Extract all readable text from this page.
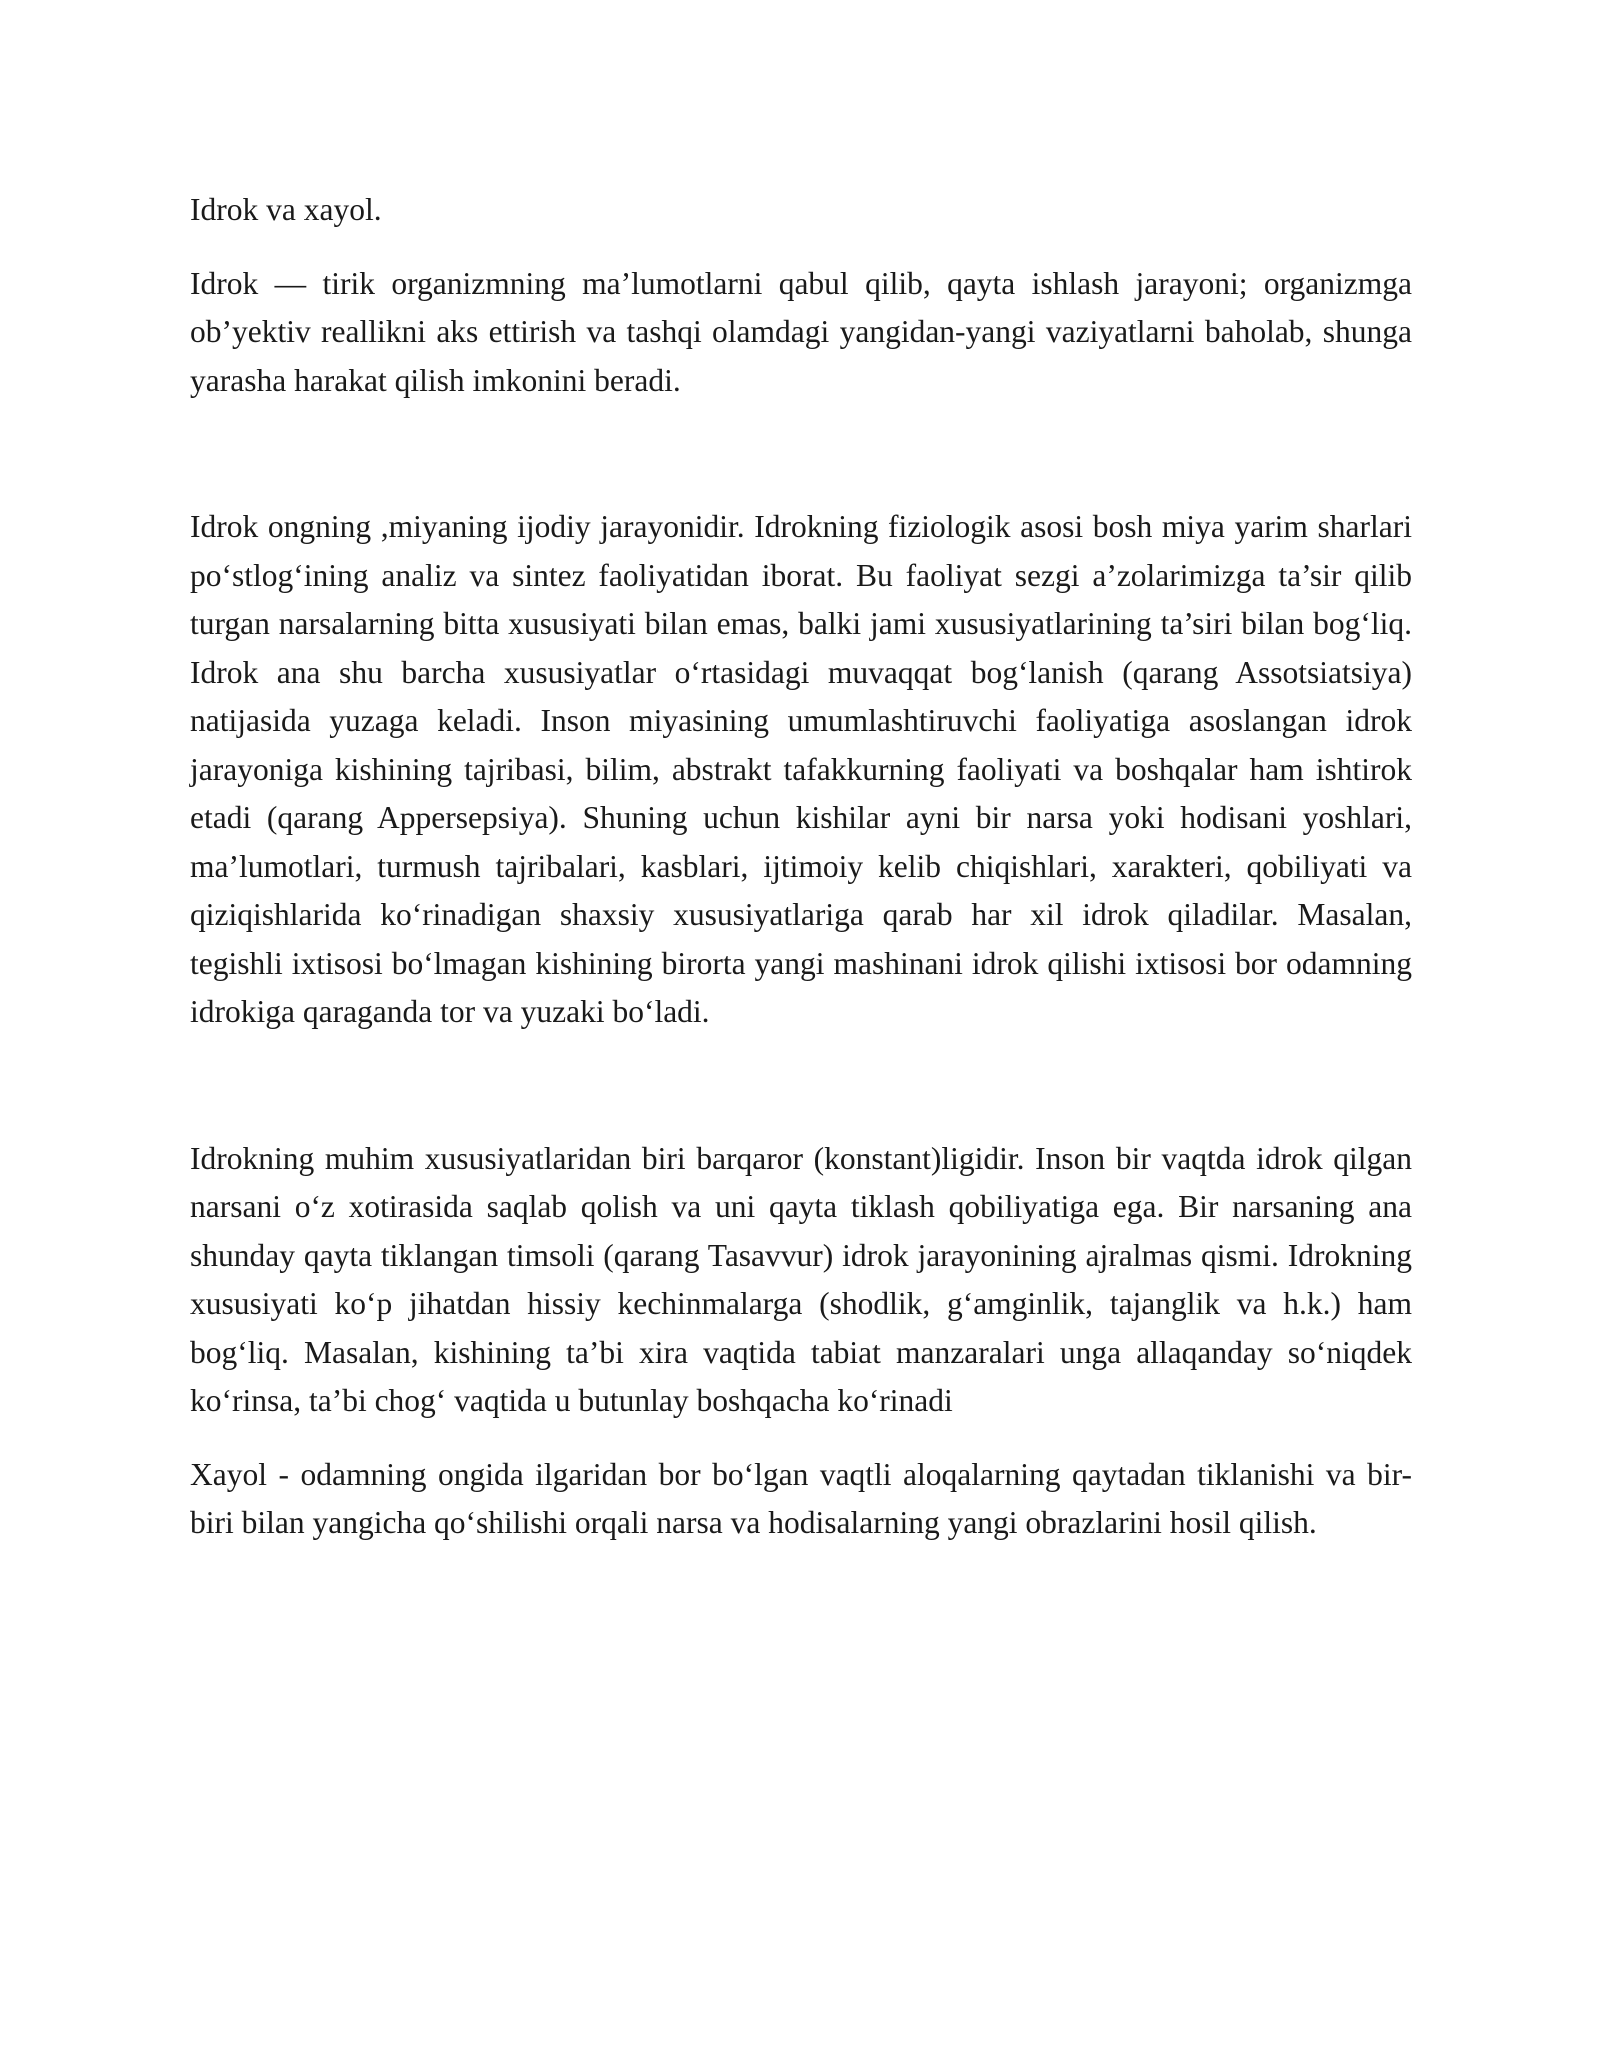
Idrok va xayol.

Idrok — tirik organizmning ma’lumotlarni qabul qilib, qayta ishlash jarayoni; organizmga ob’yektiv reallikni aks ettirish va tashqi olamdagi yangidan-yangi vaziyatlarni baholab, shunga yarasha harakat qilish imkonini beradi.

Idrok ongning ,miyaning ijodiy jarayonidir. Idrokning fiziologik asosi bosh miya yarim sharlari po‘stlog‘ining analiz va sintez faoliyatidan iborat. Bu faoliyat sezgi a’zolarimizga ta’sir qilib turgan narsalarning bitta xususiyati bilan emas, balki jami xususiyatlarining ta’siri bilan bog‘liq. Idrok ana shu barcha xususiyatlar o‘rtasidagi muvaqqat bog‘lanish (qarang Assotsiatsiya) natijasida yuzaga keladi. Inson miyasining umumlashtiruvchi faoliyatiga asoslangan idrok jarayoniga kishining tajribasi, bilim, abstrakt tafakkurning faoliyati va boshqalar ham ishtirok etadi (qarang Appersepsiya). Shuning uchun kishilar ayni bir narsa yoki hodisani yoshlari, ma’lumotlari, turmush tajribalari, kasblari, ijtimoiy kelib chiqishlari, xarakteri, qobiliyati va qiziqishlarida ko‘rinadigan shaxsiy xususiyatlariga qarab har xil idrok qiladilar. Masalan, tegishli ixtisosi bo‘lmagan kishining birorta yangi mashinani idrok qilishi ixtisosi bor odamning idrokiga qaraganda tor va yuzaki bo‘ladi.

Idrokning muhim xususiyatlaridan biri barqaror (konstant)ligidir. Inson bir vaqtda idrok qilgan narsani o‘z xotirasida saqlab qolish va uni qayta tiklash qobiliyatiga ega. Bir narsaning ana shunday qayta tiklangan timsoli (qarang Tasavvur) idrok jarayonining ajralmas qismi. Idrokning xususiyati ko‘p jihatdan hissiy kechinmalarga (shodlik, g‘amginlik, tajanglik va h.k.) ham bog‘liq. Masalan, kishining ta’bi xira vaqtida tabiat manzaralari unga allaqanday so‘niqdek ko‘rinsa, ta’bi chog‘ vaqtida u butunlay boshqacha ko‘rinadi

Xayol - odamning ongida ilgaridan bor bo‘lgan vaqtli aloqalarning qaytadan tiklanishi va bir-biri bilan yangicha qo‘shilishi orqali narsa va hodisalarning yangi obrazlarini hosil qilish.
